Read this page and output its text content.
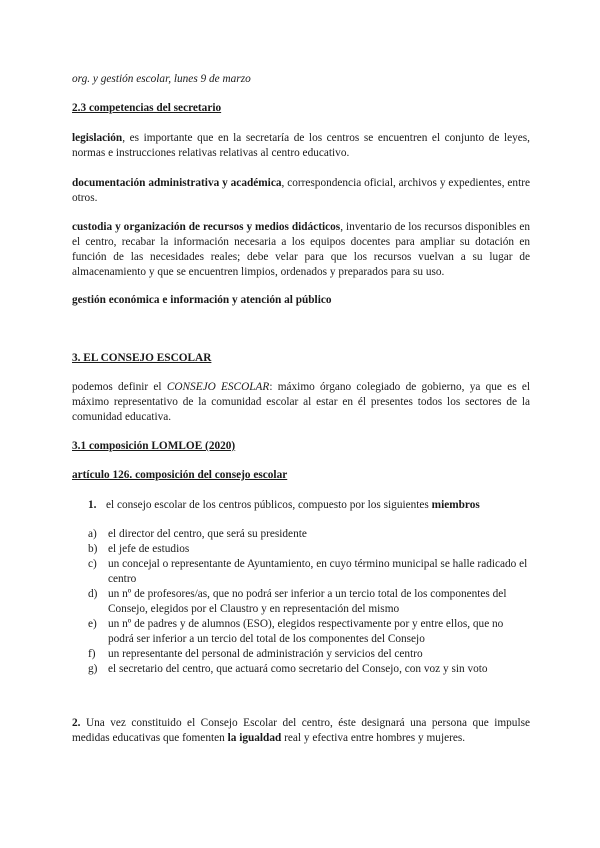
org. y gestión escolar, lunes 9 de marzo
2.3 competencias del secretario
legislación, es importante que en la secretaría de los centros se encuentren el conjunto de leyes, normas e instrucciones relativas relativas al centro educativo.
documentación administrativa y académica, correspondencia oficial, archivos y expedientes, entre otros.
custodia y organización de recursos y medios didácticos, inventario de los recursos disponibles en el centro, recabar la información necesaria a los equipos docentes para ampliar su dotación en función de las necesidades reales; debe velar para que los recursos vuelvan a su lugar de almacenamiento y que se encuentren limpios, ordenados y preparados para su uso.
gestión económica e información y atención al público
3. EL CONSEJO ESCOLAR
podemos definir el CONSEJO ESCOLAR: máximo órgano colegiado de gobierno, ya que es el máximo representativo de la comunidad escolar al estar en él presentes todos los sectores de la comunidad educativa.
3.1 composición LOMLOE (2020)
artículo 126. composición del consejo escolar
1. el consejo escolar de los centros públicos, compuesto por los siguientes miembros
a) el director del centro, que será su presidente
b) el jefe de estudios
c) un concejal o representante de Ayuntamiento, en cuyo término municipal se halle radicado el centro
d) un nº de profesores/as, que no podrá ser inferior a un tercio total de los componentes del Consejo, elegidos por el Claustro y en representación del mismo
e) un nº de padres y de alumnos (ESO), elegidos respectivamente por y entre ellos, que no podrá ser inferior a un tercio del total de los componentes del Consejo
f) un representante del personal de administración y servicios del centro
g) el secretario del centro, que actuará como secretario del Consejo, con voz y sin voto
2. Una vez constituido el Consejo Escolar del centro, éste designará una persona que impulse medidas educativas que fomenten la igualdad real y efectiva entre hombres y mujeres.
